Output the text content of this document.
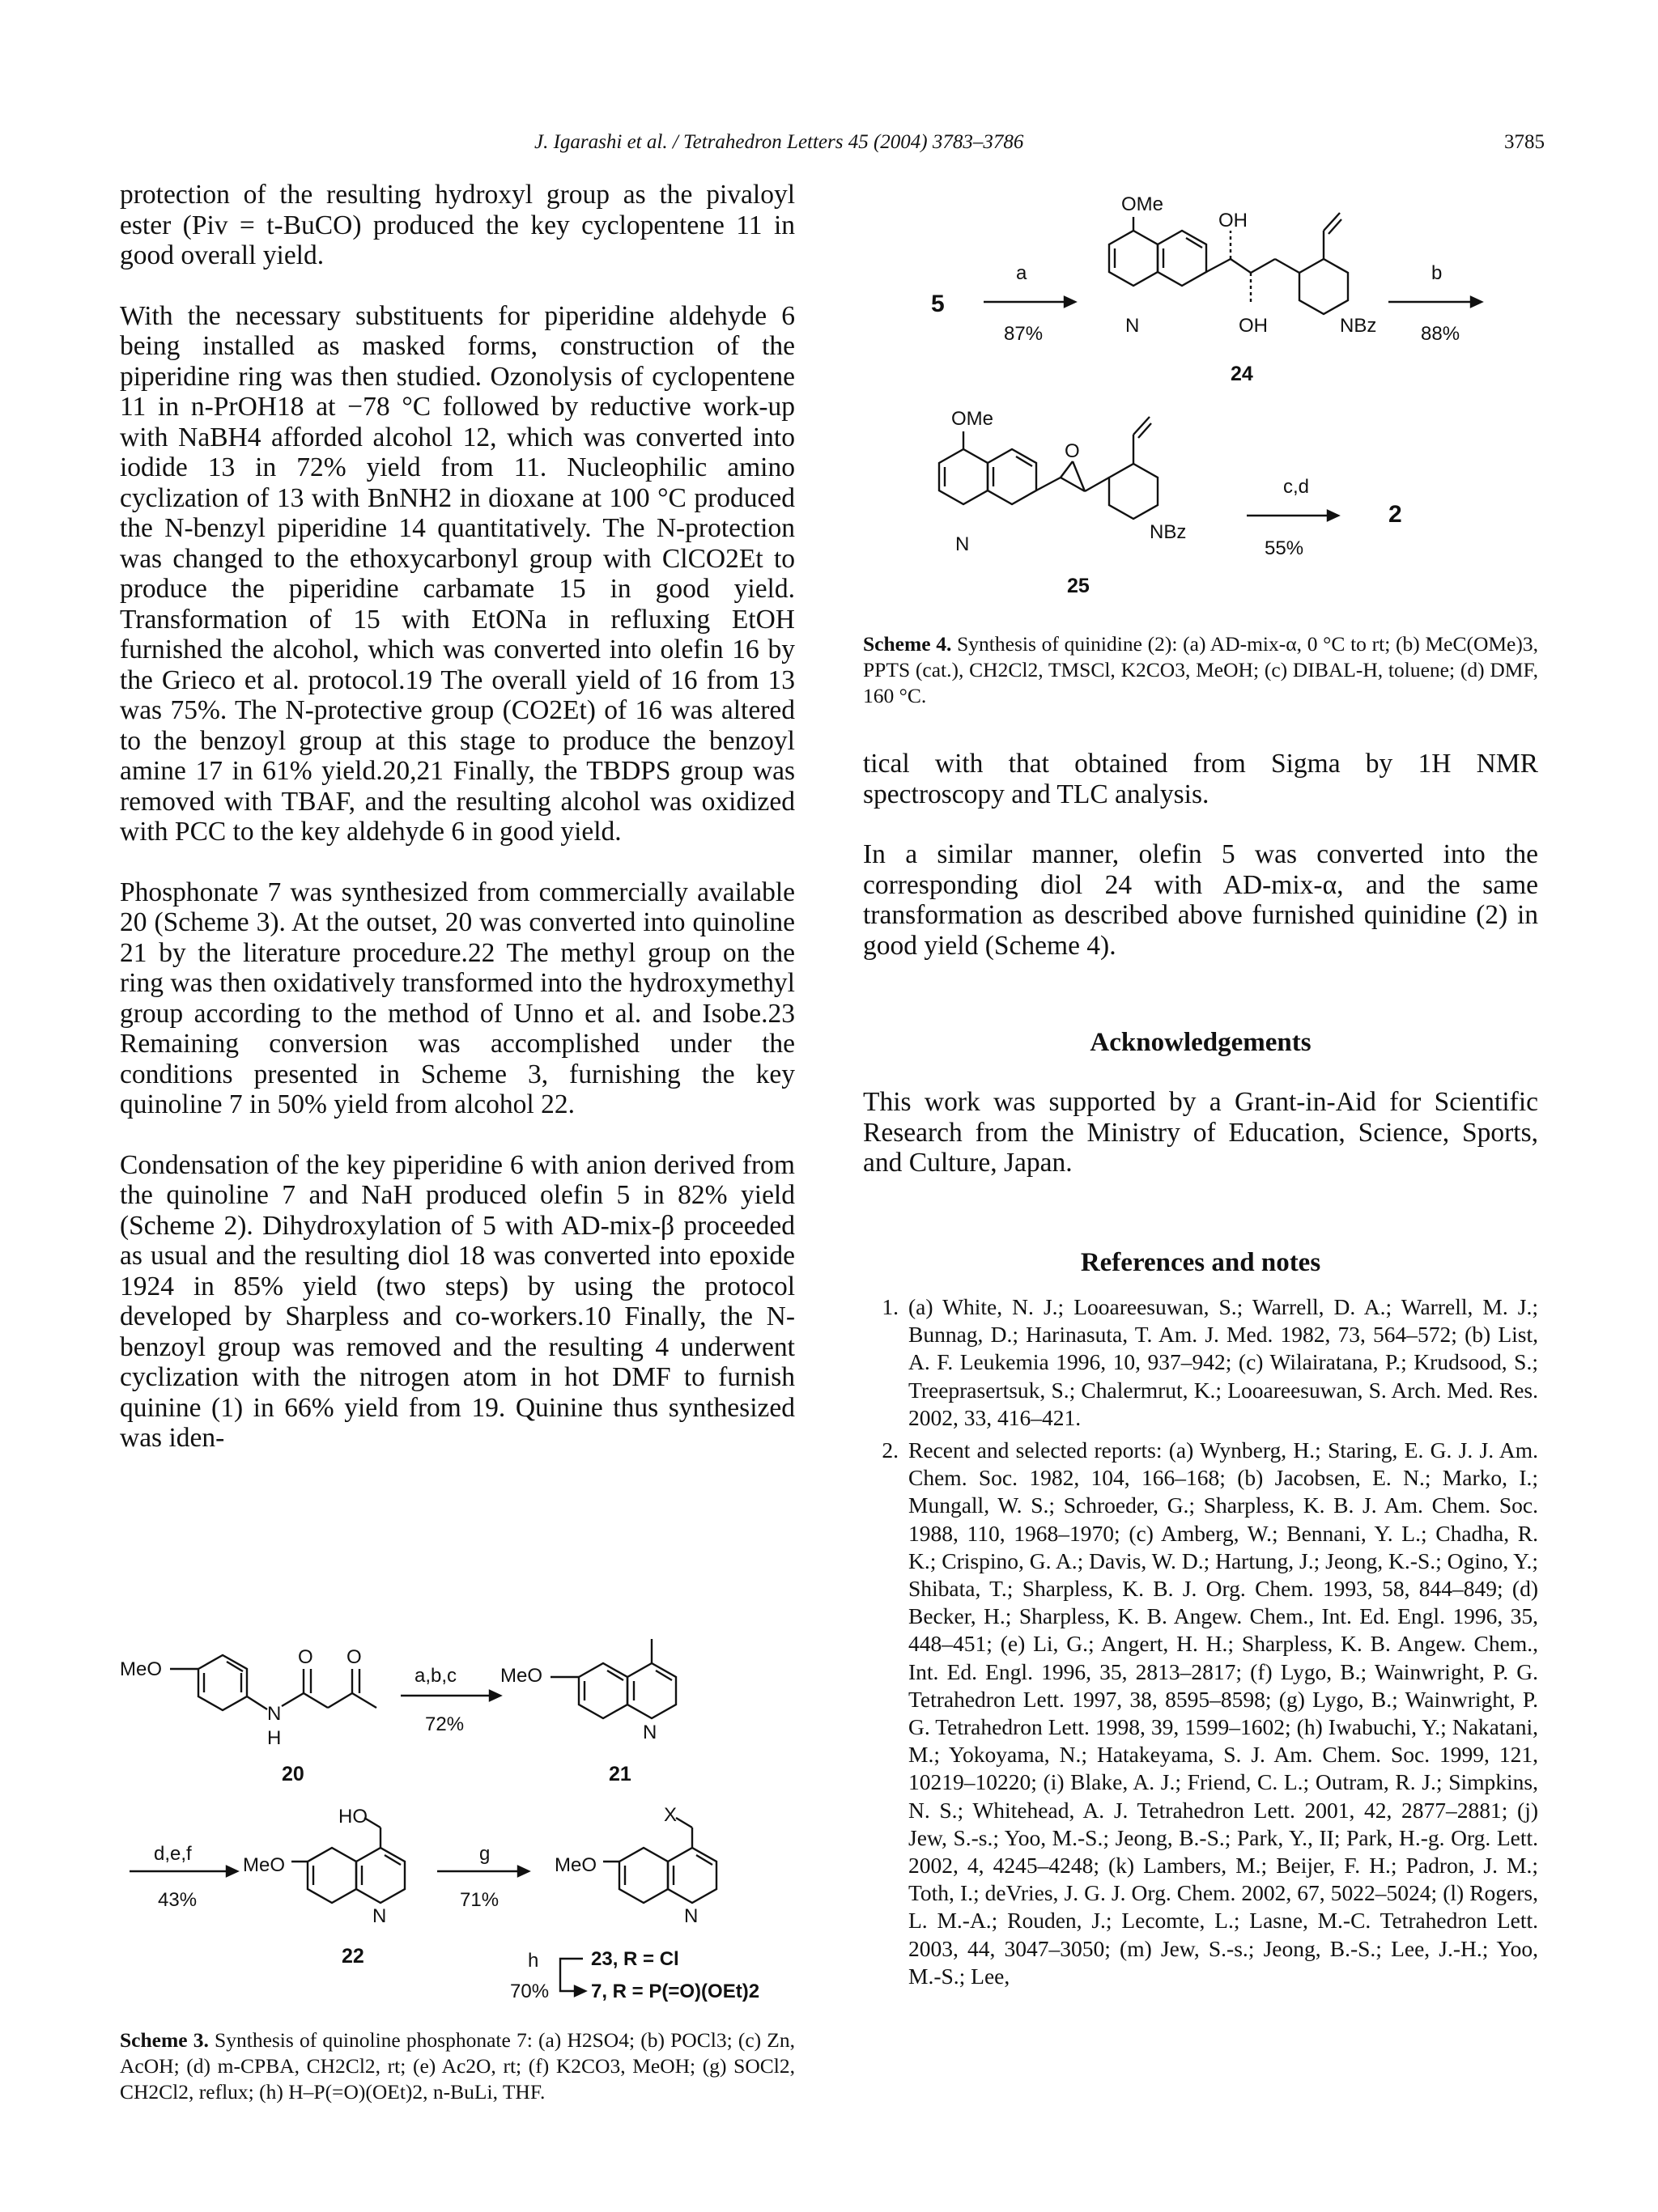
J. Igarashi et al. / Tetrahedron Letters 45 (2004) 3783–3786	3785

protection of the resulting hydroxyl group as the pivaloyl ester (Piv = t-BuCO) produced the key cyclopentene 11 in good overall yield.

With the necessary substituents for piperidine aldehyde 6 being installed as masked forms, construction of the piperidine ring was then studied. Ozonolysis of cyclopentene 11 in n-PrOH18 at −78 °C followed by reductive work-up with NaBH4 afforded alcohol 12, which was converted into iodide 13 in 72% yield from 11. Nucleophilic amino cyclization of 13 with BnNH2 in dioxane at 100 °C produced the N-benzyl piperidine 14 quantitatively. The N-protection was changed to the ethoxycarbonyl group with ClCO2Et to produce the piperidine carbamate 15 in good yield. Transformation of 15 with EtONa in refluxing EtOH furnished the alcohol, which was converted into olefin 16 by the Grieco et al. protocol.19 The overall yield of 16 from 13 was 75%. The N-protective group (CO2Et) of 16 was altered to the benzoyl group at this stage to produce the benzoyl amine 17 in 61% yield.20,21 Finally, the TBDPS group was removed with TBAF, and the resulting alcohol was oxidized with PCC to the key aldehyde 6 in good yield.

Phosphonate 7 was synthesized from commercially available 20 (Scheme 3). At the outset, 20 was converted into quinoline 21 by the literature procedure.22 The methyl group on the ring was then oxidatively transformed into the hydroxymethyl group according to the method of Unno et al. and Isobe.23 Remaining conversion was accomplished under the conditions presented in Scheme 3, furnishing the key quinoline 7 in 50% yield from alcohol 22.

Condensation of the key piperidine 6 with anion derived from the quinoline 7 and NaH produced olefin 5 in 82% yield (Scheme 2). Dihydroxylation of 5 with AD-mix-β proceeded as usual and the resulting diol 18 was converted into epoxide 1924 in 85% yield (two steps) by using the protocol developed by Sharpless and co-workers.10 Finally, the N-benzoyl group was removed and the resulting 4 underwent cyclization with the nitrogen atom in hot DMF to furnish quinine (1) in 66% yield from 19. Quinine thus synthesized was iden-

MeO
N
H
O O
20
a,b,c
72%
MeO
N
21
d,e,f
43%
MeO
HO
N
22
g
71%
MeO
X
N
h
70%
23, R = Cl
7, R = P(=O)(OEt)2
Scheme 3. Synthesis of quinoline phosphonate 7: (a) H2SO4; (b) POCl3; (c) Zn, AcOH; (d) m-CPBA, CH2Cl2, rt; (e) Ac2O, rt; (f) K2CO3, MeOH; (g) SOCl2, CH2Cl2, reflux; (h) H–P(=O)(OEt)2, n-BuLi, THF.
5
a
87%
OMe
N
OH
OH	NBz
24
b
88%
OMe
N
O
NBz
25
c,d
55%
2
Scheme 4. Synthesis of quinidine (2): (a) AD-mix-α, 0 °C to rt; (b) MeC(OMe)3, PPTS (cat.), CH2Cl2, TMSCl, K2CO3, MeOH; (c) DIBAL-H, toluene; (d) DMF, 160 °C.

tical with that obtained from Sigma by 1H NMR spectroscopy and TLC analysis.

In a similar manner, olefin 5 was converted into the corresponding diol 24 with AD-mix-α, and the same transformation as described above furnished quinidine (2) in good yield (Scheme 4).

Acknowledgements

This work was supported by a Grant-in-Aid for Scientific Research from the Ministry of Education, Science, Sports, and Culture, Japan.

References and notes
1. (a) White, N. J.; Looareesuwan, S.; Warrell, D. A.; Warrell, M. J.; Bunnag, D.; Harinasuta, T. Am. J. Med. 1982, 73, 564–572; (b) List, A. F. Leukemia 1996, 10, 937–942; (c) Wilairatana, P.; Krudsood, S.; Treeprasertsuk, S.; Chalermrut, K.; Looareesuwan, S. Arch. Med. Res. 2002, 33, 416–421.
2. Recent and selected reports: (a) Wynberg, H.; Staring, E. G. J. J. Am. Chem. Soc. 1982, 104, 166–168; (b) Jacobsen, E. N.; Marko, I.; Mungall, W. S.; Schroeder, G.; Sharpless, K. B. J. Am. Chem. Soc. 1988, 110, 1968–1970; (c) Amberg, W.; Bennani, Y. L.; Chadha, R. K.; Crispino, G. A.; Davis, W. D.; Hartung, J.; Jeong, K.-S.; Ogino, Y.; Shibata, T.; Sharpless, K. B. J. Org. Chem. 1993, 58, 844–849; (d) Becker, H.; Sharpless, K. B. Angew. Chem., Int. Ed. Engl. 1996, 35, 448–451; (e) Li, G.; Angert, H. H.; Sharpless, K. B. Angew. Chem., Int. Ed. Engl. 1996, 35, 2813–2817; (f) Lygo, B.; Wainwright, P. G. Tetrahedron Lett. 1997, 38, 8595–8598; (g) Lygo, B.; Wainwright, P. G. Tetrahedron Lett. 1998, 39, 1599–1602; (h) Iwabuchi, Y.; Nakatani, M.; Yokoyama, N.; Hatakeyama, S. J. Am. Chem. Soc. 1999, 121, 10219–10220; (i) Blake, A. J.; Friend, C. L.; Outram, R. J.; Simpkins, N. S.; Whitehead, A. J. Tetrahedron Lett. 2001, 42, 2877–2881; (j) Jew, S.-s.; Yoo, M.-S.; Jeong, B.-S.; Park, Y., II; Park, H.-g. Org. Lett. 2002, 4, 4245–4248; (k) Lambers, M.; Beijer, F. H.; Padron, J. M.; Toth, I.; deVries, J. G. J. Org. Chem. 2002, 67, 5022–5024; (l) Rogers, L. M.-A.; Rouden, J.; Lecomte, L.; Lasne, M.-C. Tetrahedron Lett. 2003, 44, 3047–3050; (m) Jew, S.-s.; Jeong, B.-S.; Lee, J.-H.; Yoo, M.-S.; Lee,
